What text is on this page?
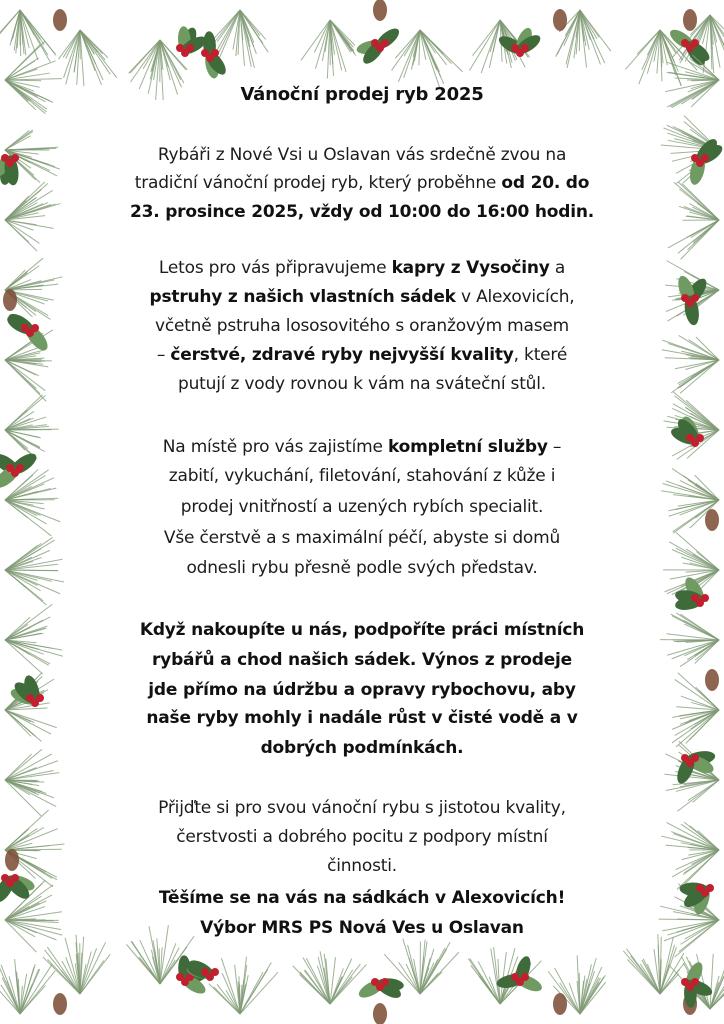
Vánoční prodej ryb 2025
Rybáři z Nové Vsi u Oslavan vás srdečně zvou na
tradiční vánoční prodej ryb, který proběhne od 20. do
23. prosince 2025, vždy od 10:00 do 16:00 hodin.
Letos pro vás připravujeme kapry z Vysočiny a
pstruhy z našich vlastních sádek v Alexovicích,
včetně pstruha lososovitého s oranžovým masem
– čerstvé, zdravé ryby nejvyšší kvality, které
putují z vody rovnou k vám na sváteční stůl.
Na místě pro vás zajistíme kompletní služby –
zabití, vykuchání, filetování, stahování z kůže i
prodej vnitřností a uzených rybích specialit.
Vše čerstvě a s maximální péčí, abyste si domů
odnesli rybu přesně podle svých představ.
Když nakoupíte u nás, podpoříte práci místních
rybářů a chod našich sádek. Výnos z prodeje
jde přímo na údržbu a opravy rybochovu, aby
naše ryby mohly i nadále růst v čisté vodě a v
dobrých podmínkách.
Přijďte si pro svou vánoční rybu s jistotou kvality,
čerstvosti a dobrého pocitu z podpory místní
činnosti.
Těšíme se na vás na sádkách v Alexovicích!
Výbor MRS PS Nová Ves u Oslavan
